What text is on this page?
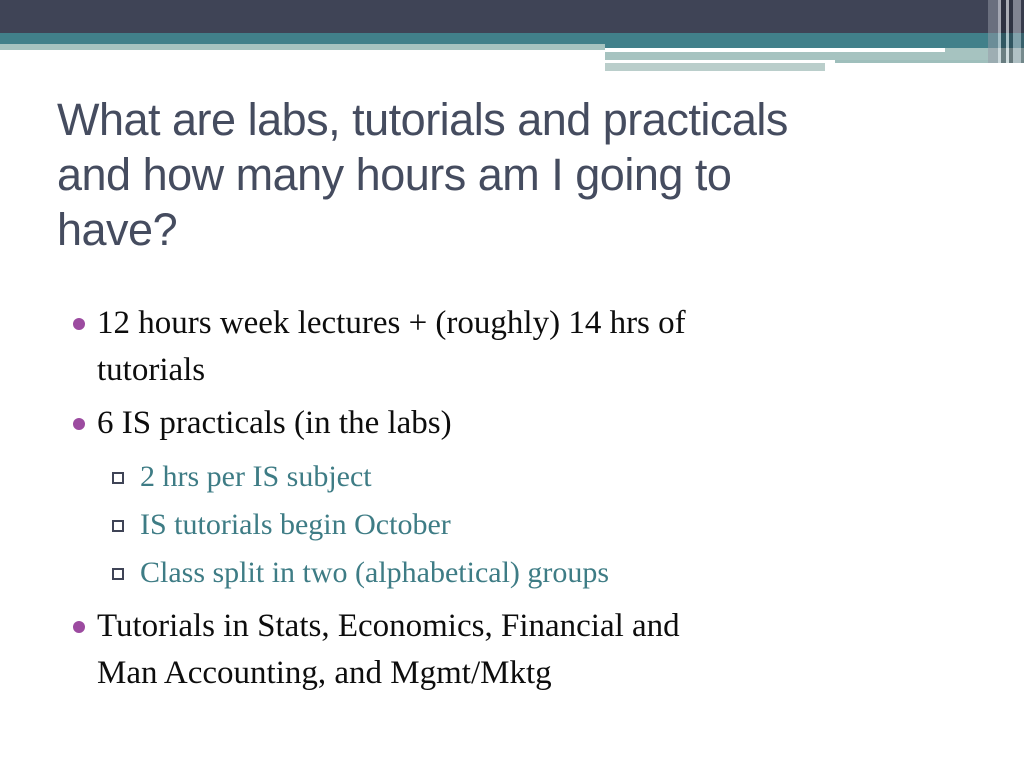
What are labs, tutorials and practicals
and how many hours am I going to
have?
12 hours week lectures + (roughly) 14 hrs of
tutorials
6 IS practicals (in the labs)
2 hrs per IS subject
IS tutorials begin October
Class split in two (alphabetical) groups
Tutorials in Stats, Economics, Financial and
Man Accounting, and Mgmt/Mktg
